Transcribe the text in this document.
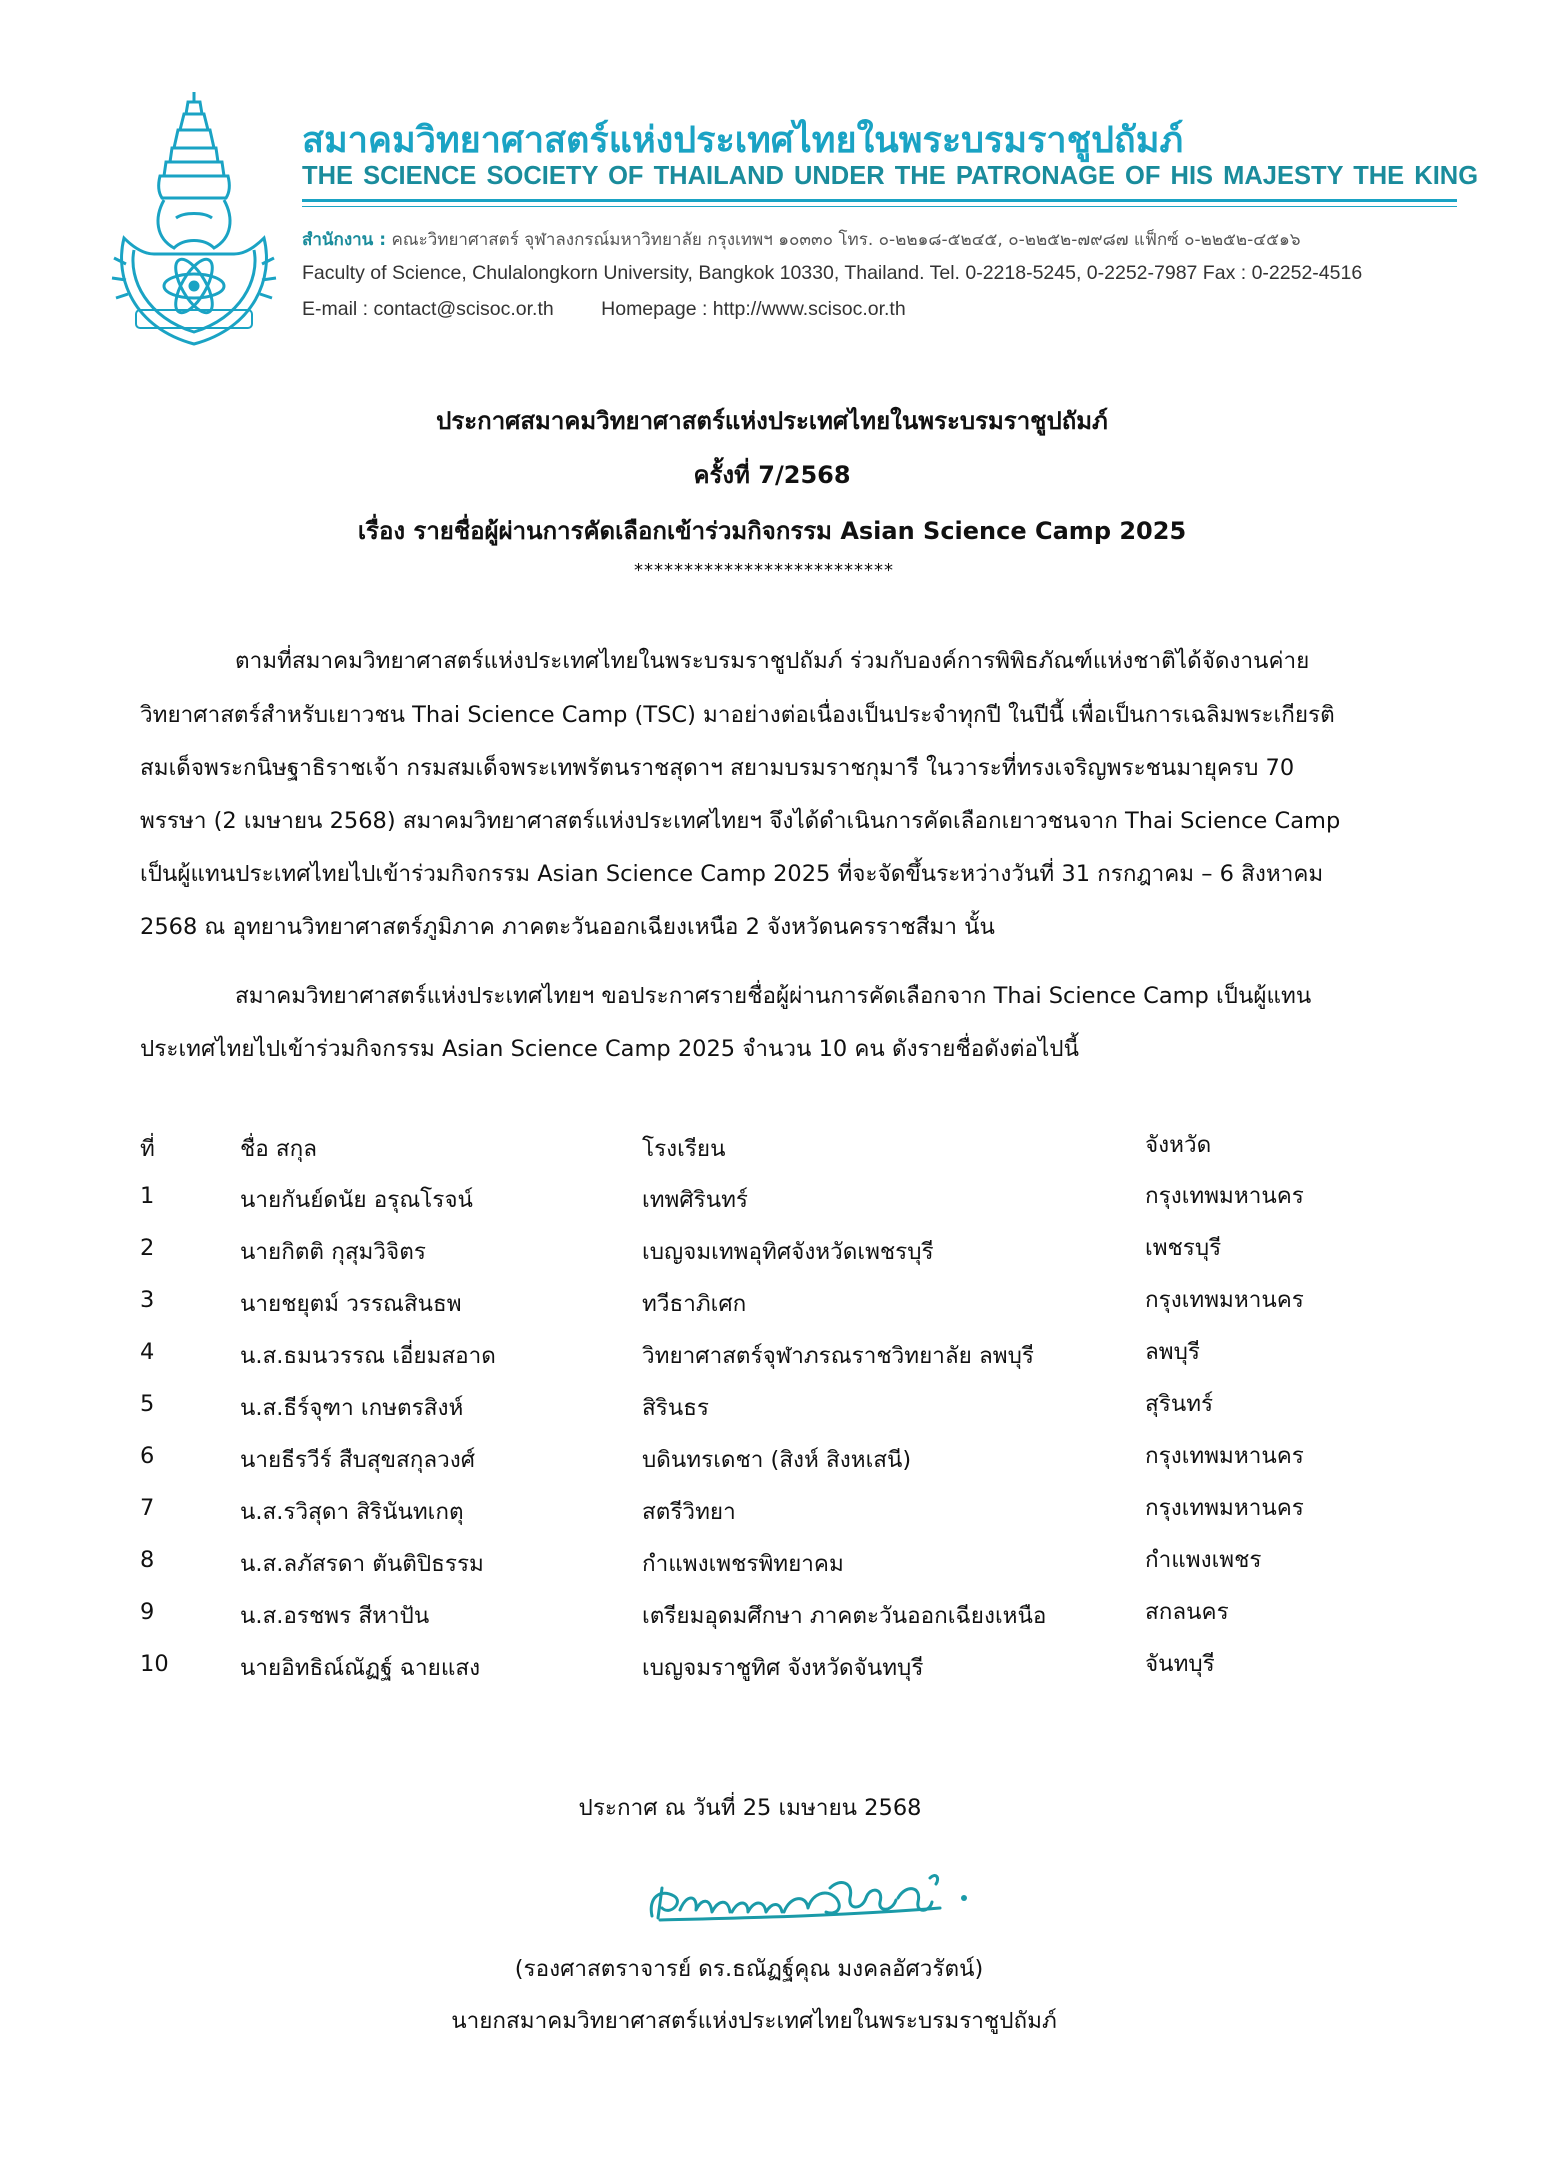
สมาคมวิทยาศาสตร์แห่งประเทศไทยในพระบรมราชูปถัมภ์
THE SCIENCE SOCIETY OF THAILAND UNDER THE PATRONAGE OF HIS MAJESTY THE KING
สำนักงาน : คณะวิทยาศาสตร์ จุฬาลงกรณ์มหาวิทยาลัย กรุงเทพฯ ๑๐๓๓๐ โทร. ๐-๒๒๑๘-๕๒๔๕, ๐-๒๒๕๒-๗๙๘๗ แฟ็กซ์ ๐-๒๒๕๒-๔๕๑๖
Faculty of Science, Chulalongkorn University, Bangkok 10330, Thailand. Tel. 0-2218-5245, 0-2252-7987 Fax : 0-2252-4516
E-mail : contact@scisoc.or.th Homepage : http://www.scisoc.or.th
ประกาศสมาคมวิทยาศาสตร์แห่งประเทศไทยในพระบรมราชูปถัมภ์
ครั้งที่ 7/2568
เรื่อง รายชื่อผู้ผ่านการคัดเลือกเข้าร่วมกิจกรรม Asian Science Camp 2025
**************************
ตามที่สมาคมวิทยาศาสตร์แห่งประเทศไทยในพระบรมราชูปถัมภ์ ร่วมกับองค์การพิพิธภัณฑ์แห่งชาติได้จัดงานค่าย
วิทยาศาสตร์สำหรับเยาวชน Thai Science Camp (TSC) มาอย่างต่อเนื่องเป็นประจำทุกปี ในปีนี้ เพื่อเป็นการเฉลิมพระเกียรติ
สมเด็จพระกนิษฐาธิราชเจ้า กรมสมเด็จพระเทพรัตนราชสุดาฯ สยามบรมราชกุมารี ในวาระที่ทรงเจริญพระชนมายุครบ 70
พรรษา (2 เมษายน 2568) สมาคมวิทยาศาสตร์แห่งประเทศไทยฯ จึงได้ดำเนินการคัดเลือกเยาวชนจาก Thai Science Camp
เป็นผู้แทนประเทศไทยไปเข้าร่วมกิจกรรม Asian Science Camp 2025 ที่จะจัดขึ้นระหว่างวันที่ 31 กรกฎาคม – 6 สิงหาคม
2568 ณ อุทยานวิทยาศาสตร์ภูมิภาค ภาคตะวันออกเฉียงเหนือ 2 จังหวัดนครราชสีมา นั้น
สมาคมวิทยาศาสตร์แห่งประเทศไทยฯ ขอประกาศรายชื่อผู้ผ่านการคัดเลือกจาก Thai Science Camp เป็นผู้แทน
ประเทศไทยไปเข้าร่วมกิจกรรม Asian Science Camp 2025 จำนวน 10 คน ดังรายชื่อดังต่อไปนี้
ที่	ชื่อ สกุล	โรงเรียน	จังหวัด
1	นายกันย์ดนัย อรุณโรจน์	เทพศิรินทร์	กรุงเทพมหานคร
2	นายกิตติ กุสุมวิจิตร	เบญจมเทพอุทิศจังหวัดเพชรบุรี	เพชรบุรี
3	นายชยุตม์ วรรณสินธพ	ทวีธาภิเศก	กรุงเทพมหานคร
4	น.ส.ธมนวรรณ เอี่ยมสอาด	วิทยาศาสตร์จุฬาภรณราชวิทยาลัย ลพบุรี	ลพบุรี
5	น.ส.ธีร์จุฑา เกษตรสิงห์	สิรินธร	สุรินทร์
6	นายธีรวีร์ สืบสุขสกุลวงศ์	บดินทรเดชา (สิงห์ สิงหเสนี)	กรุงเทพมหานคร
7	น.ส.รวิสุดา สิรินันทเกตุ	สตรีวิทยา	กรุงเทพมหานคร
8	น.ส.ลภัสรดา ตันติปิธรรม	กำแพงเพชรพิทยาคม	กำแพงเพชร
9	น.ส.อรชพร สีหาปัน	เตรียมอุดมศึกษา ภาคตะวันออกเฉียงเหนือ	สกลนคร
10	นายอิทธิณ์ณัฏฐ์ ฉายแสง	เบญจมราชูทิศ จังหวัดจันทบุรี	จันทบุรี
ประกาศ ณ วันที่ 25 เมษายน 2568
(รองศาสตราจารย์ ดร.ธณัฏฐ์คุณ มงคลอัศวรัตน์)
นายกสมาคมวิทยาศาสตร์แห่งประเทศไทยในพระบรมราชูปถัมภ์
